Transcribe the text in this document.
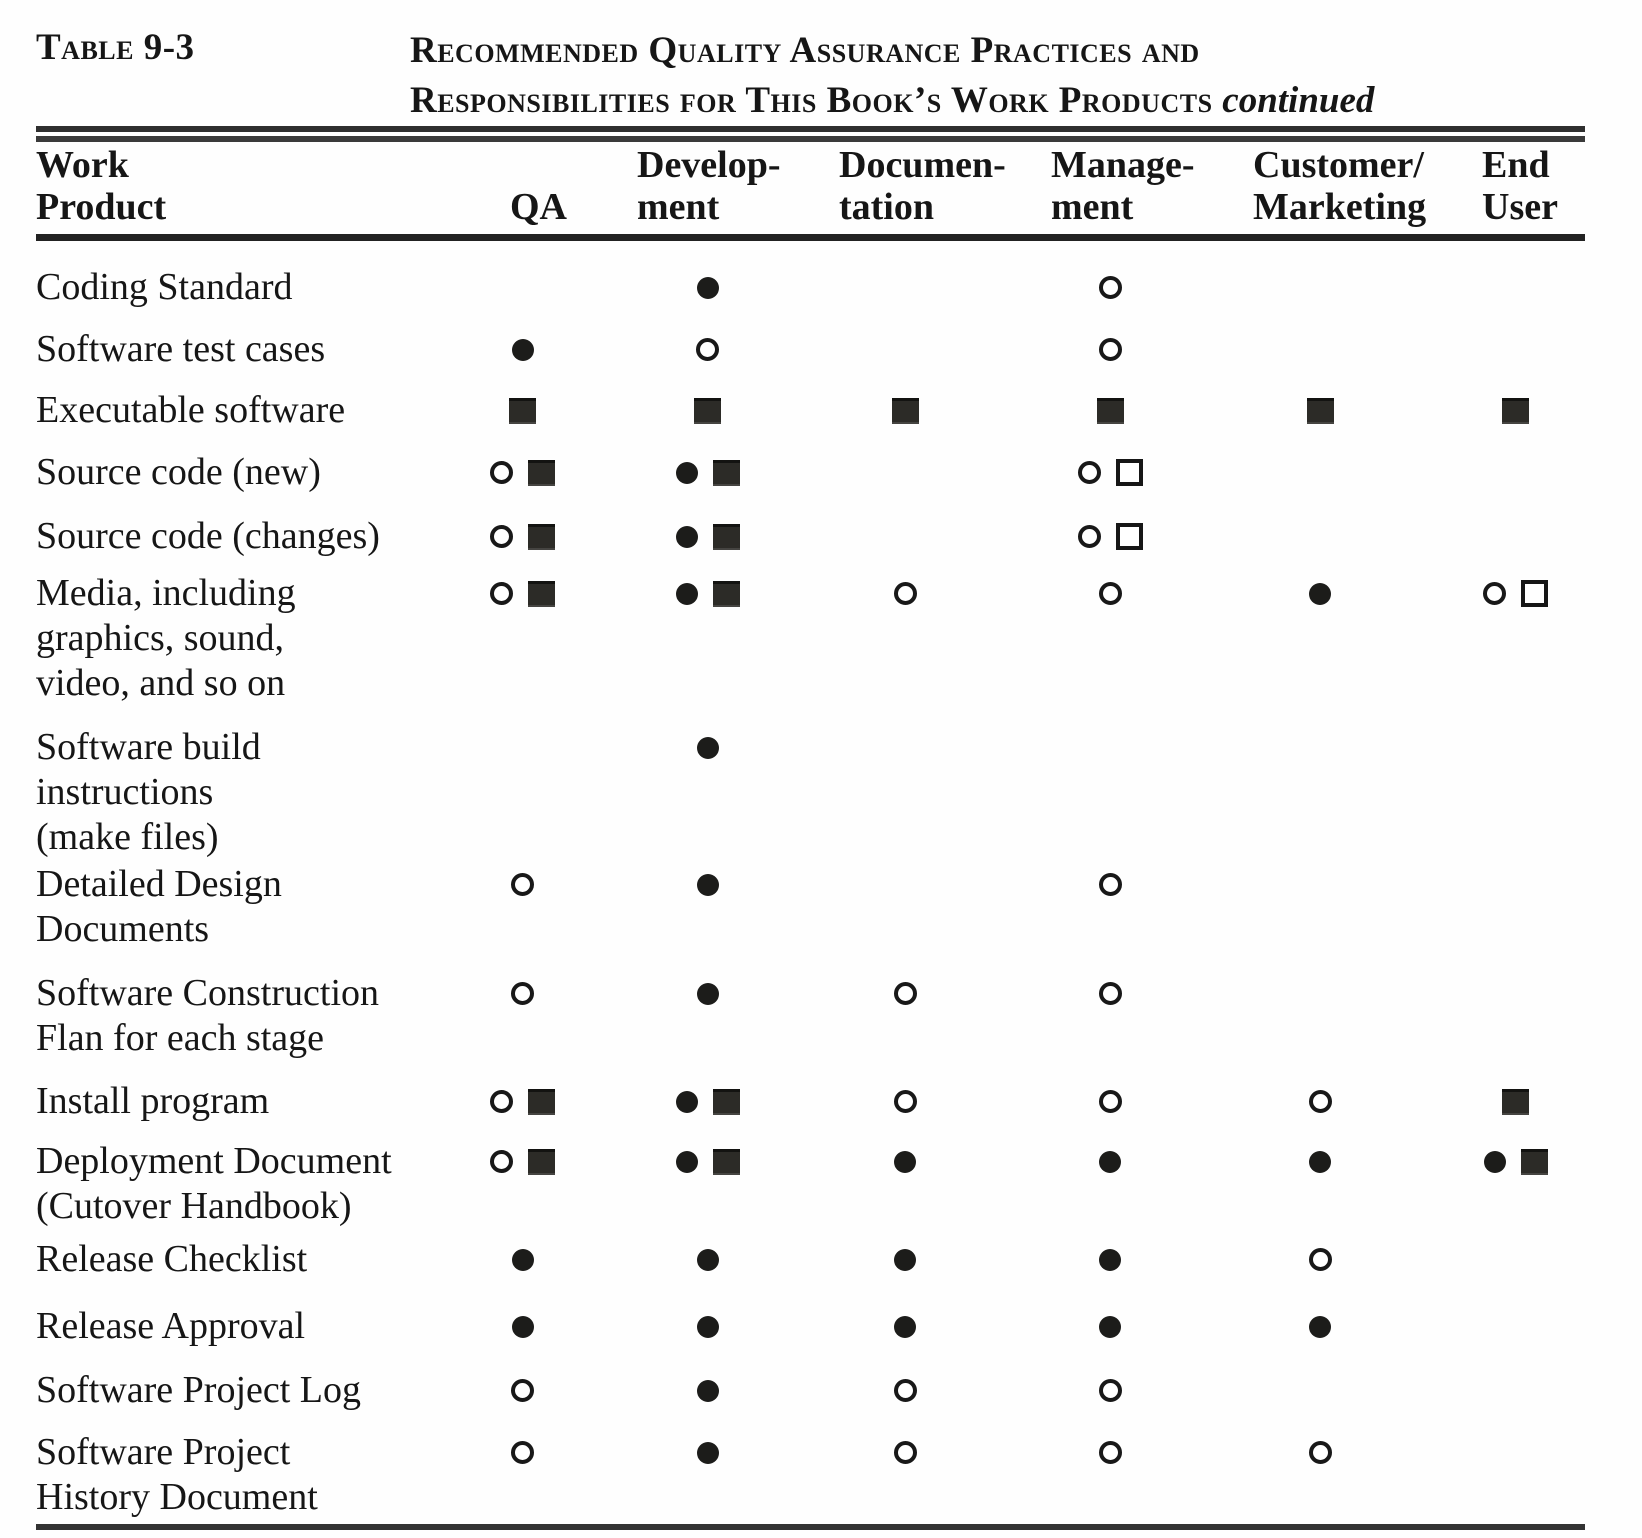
Table 9-3	Recommended Quality Assurance Practices and
Responsibilities for This Book’s Work Products continued
Work
Product	QA
Develop-
ment
Documen-
tation
Manage-
ment
Customer/
Marketing
End
User
Coding Standard
Software test cases
Executable software
Source code (new)
Source code (changes)
Media, including
graphics, sound,
video, and so on
Software build
instructions
(make files)
Detailed Design
Documents
Software Construction
Flan for each stage
Install program
Deployment Document
(Cutover Handbook)
Release Checklist
Release Approval
Software Project Log
Software Project
History Document
